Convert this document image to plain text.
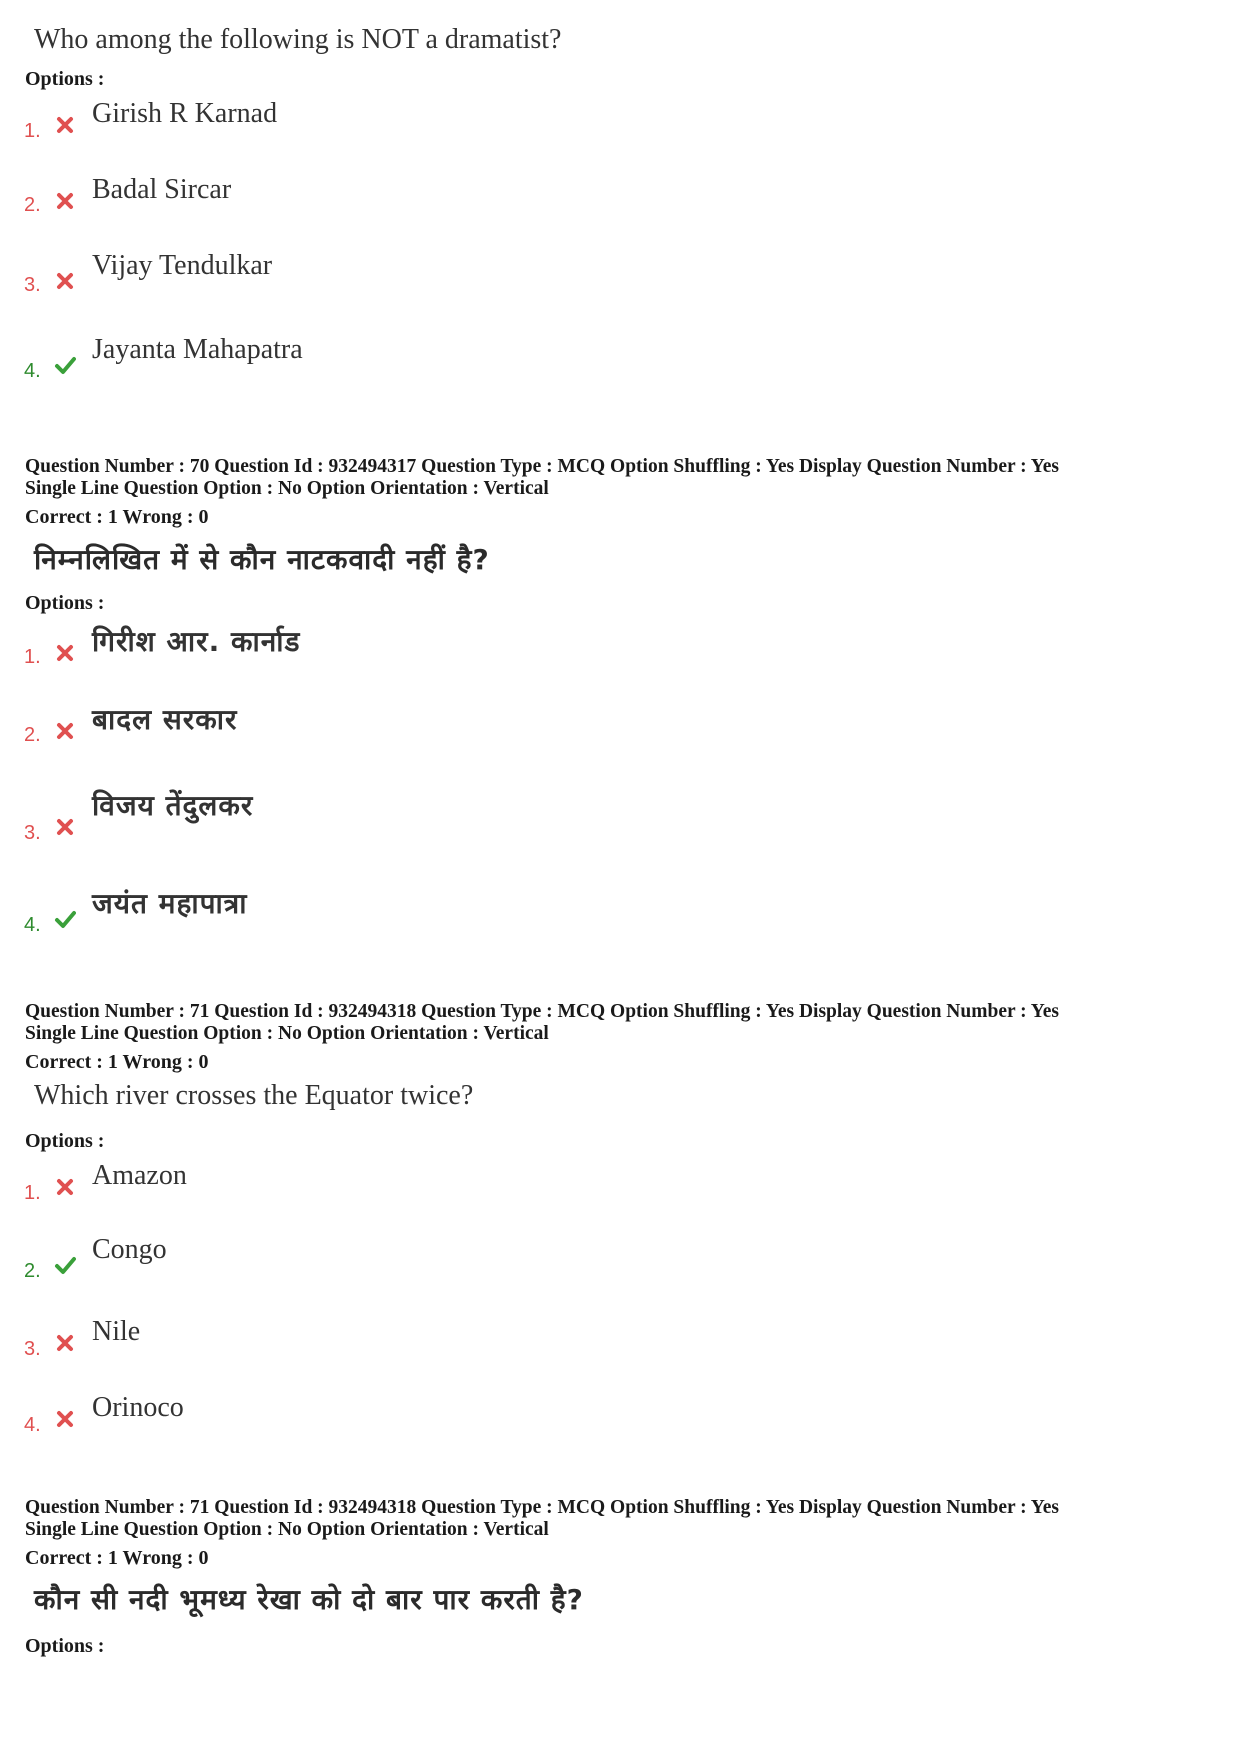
Who among the following is NOT a dramatist?
Options :
1.
Girish R Karnad
2. Badal Sircar
3.
Vijay Tendulkar
4.
Jayanta Mahapatra
Question Number : 70 Question Id : 932494317 Question Type : MCQ Option Shuffling : Yes Display Question Number : Yes
Single Line Question Option : No Option Orientation : Vertical
Correct : 1 Wrong : 0
निम्नलिखित में से कौन नाटकवादी नहीं है?
Options :
1. गिरीश आर. कार्नाड
2. बादल सरकार
3.
विजय तेंदुलकर
4.
जयंत महापात्रा
Question Number : 71 Question Id : 932494318 Question Type : MCQ Option Shuffling : Yes Display Question Number : Yes
Single Line Question Option : No Option Orientation : Vertical
Correct : 1 Wrong : 0
Which river crosses the Equator twice?
Options :
1.
Amazon
2.
Congo
3.
Nile
4.
Orinoco
Question Number : 71 Question Id : 932494318 Question Type : MCQ Option Shuffling : Yes Display Question Number : Yes
Single Line Question Option : No Option Orientation : Vertical
Correct : 1 Wrong : 0
कौन सी नदी भूमध्य रेखा को दो बार पार करती है?
Options :
